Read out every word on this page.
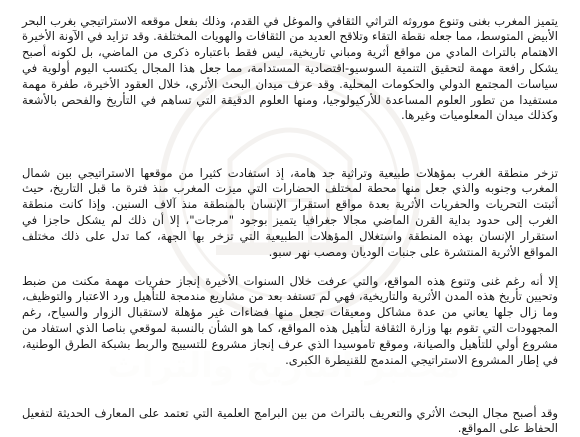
يتميز المغرب بغنى وتنوع موروثه التراثي الثقافي والموغل في القدم، وذلك بفعل موقعه الاستراتيجي بغرب البحر الأبيض المتوسط، مما جعله نقطة التقاء وتلاقح العديد من الثقافات والهويات المختلفة. وقد تزايد في الآونة الأخيرة الاهتمام بالتراث المادي من مواقع أثرية ومباني تاريخية، ليس فقط باعتباره ذكرى من الماضي، بل لكونه أصبح يشكل رافعة مهمة لتحقيق التنمية السوسيو-اقتصادية المستدامة، مما جعل هذا المجال يكتسب اليوم أولوية في سياسات المجتمع الدولي والحكومات المحلية. وقد عرف ميدان البحث الأثري، خلال العقود الأخيرة، طفرة مهمة مستفيدا من تطور العلوم المساعدة للأركيولوجيا، ومنها العلوم الدقيقة التي تساهم في التأريخ والفحص بالأشعة وكذلك ميدان المعلوميات وغيرها.

تزخر منطقة الغرب بمؤهلات طبيعية وتراثية جد هامة، إذ استفادت كثيرا من موقعها الاستراتيجي بين شمال المغرب وجنوبه والذي جعل منها محطة لمختلف الحضارات التي ميزت المغرب منذ فترة ما قبل التاريخ، حيث أثبتت التحريات والحفريات الأثرية بعدة مواقع استقرار الإنسان بالمنطقة منذ آلاف السنين. وإذا كانت منطقة الغرب إلى حدود بداية القرن الماضي مجالا جغرافيا يتميز بوجود "مرجات"، إلا أن ذلك لم يشكل حاجزا في استقرار الإنسان بهذه المنطقة واستغلال المؤهلات الطبيعية التي تزخر بها الجهة، كما تدل على ذلك مختلف المواقع الأثرية المنتشرة على جنبات الوديان ومصب نهر سبو.

إلا أنه رغم غنى وتنوع هذه المواقع، والتي عرفت خلال السنوات الأخيرة إنجاز حفريات مهمة مكنت من ضبط وتحيين تأريخ هذه المدن الأثرية والتاريخية، فهي لم تستفد بعد من مشاريع مندمجة للتأهيل ورد الاعتبار والتوظيف، وما زال جلها يعاني من عدة مشاكل ومعيقات تجعل منها فضاءات غير مؤهلة لاستقبال الزوار والسياح، رغم المجهودات التي تقوم بها وزارة الثقافة لتأهيل هذه المواقع، كما هو الشأن بالنسبة لموقعي بناصا الذي استفاد من مشروع أولي للتأهيل والصيانة، وموقع تاموسيدا الذي عرف إنجاز مشروع للتسييج والربط بشبكة الطرق الوطنية، في إطار المشروع الاستراتيجي المندمج للقنيطرة الكبرى.

وقد أصبح مجال البحث الأثري والتعريف بالتراث من بين البرامج العلمية التي تعتمد على المعارف الحديثة لتفعيل الحفاظ على المواقع.
